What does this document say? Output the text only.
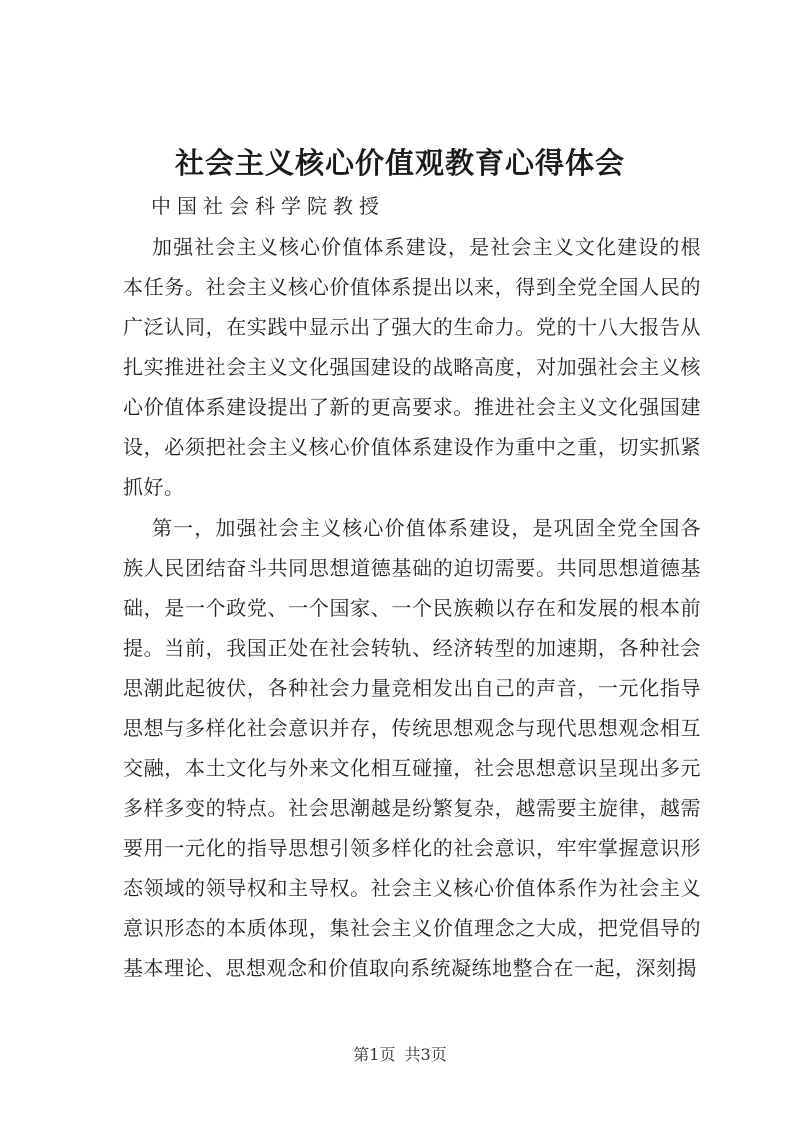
社会主义核心价值观教育心得体会
中国社会科学院教授
加强社会主义核心价值体系建设，是社会主义文化建设的根
本任务。社会主义核心价值体系提出以来，得到全党全国人民的
广泛认同，在实践中显示出了强大的生命力。党的十八大报告从
扎实推进社会主义文化强国建设的战略高度，对加强社会主义核
心价值体系建设提出了新的更高要求。推进社会主义文化强国建
设，必须把社会主义核心价值体系建设作为重中之重，切实抓紧
抓好。
第一，加强社会主义核心价值体系建设，是巩固全党全国各
族人民团结奋斗共同思想道德基础的迫切需要。共同思想道德基
础，是一个政党、一个国家、一个民族赖以存在和发展的根本前
提。当前，我国正处在社会转轨、经济转型的加速期，各种社会
思潮此起彼伏，各种社会力量竞相发出自己的声音，一元化指导
思想与多样化社会意识并存，传统思想观念与现代思想观念相互
交融，本土文化与外来文化相互碰撞，社会思想意识呈现出多元
多样多变的特点。社会思潮越是纷繁复杂，越需要主旋律，越需
要用一元化的指导思想引领多样化的社会意识，牢牢掌握意识形
态领域的领导权和主导权。社会主义核心价值体系作为社会主义
意识形态的本质体现，集社会主义价值理念之大成，把党倡导的
基本理论、思想观念和价值取向系统凝练地整合在一起，深刻揭
第1页 共3页
